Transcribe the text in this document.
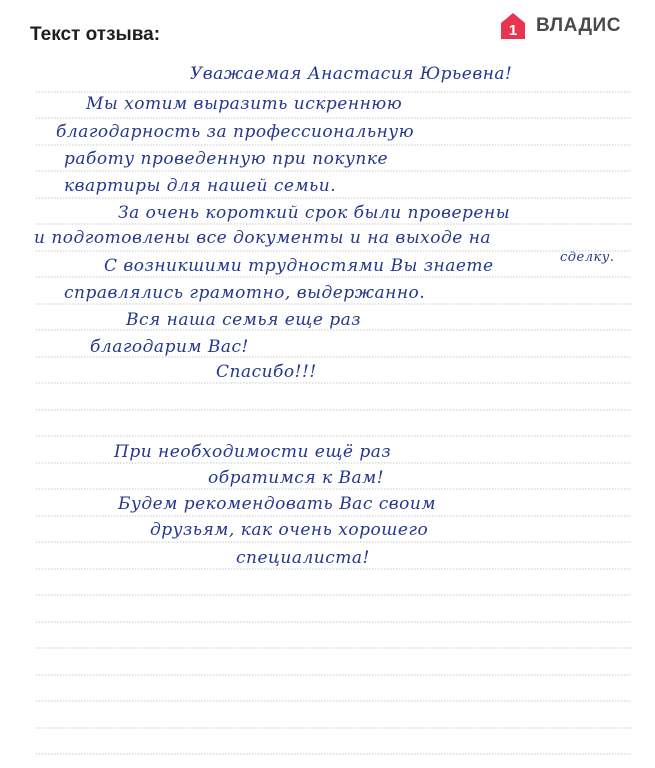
Текст отзыва:	1 ВЛАДИС
Уважаемая Анастасия Юрьевна!
Мы хотим выразить искреннюю
благодарность за профессиональную
работу проведенную при покупке
квартиры для нашей семьи.
За очень короткий срок были проверены
и подготовлены все документы и на выходе на
сделку.
С возникшими трудностями Вы знаете
справлялись грамотно, выдержанно.
Вся наша семья еще раз
благодарим Вас!
Спасибо!!!
При необходимости ещё раз
обратимся к Вам!
Будем рекомендовать Вас своим
друзьям, как очень хорошего
специалиста!
